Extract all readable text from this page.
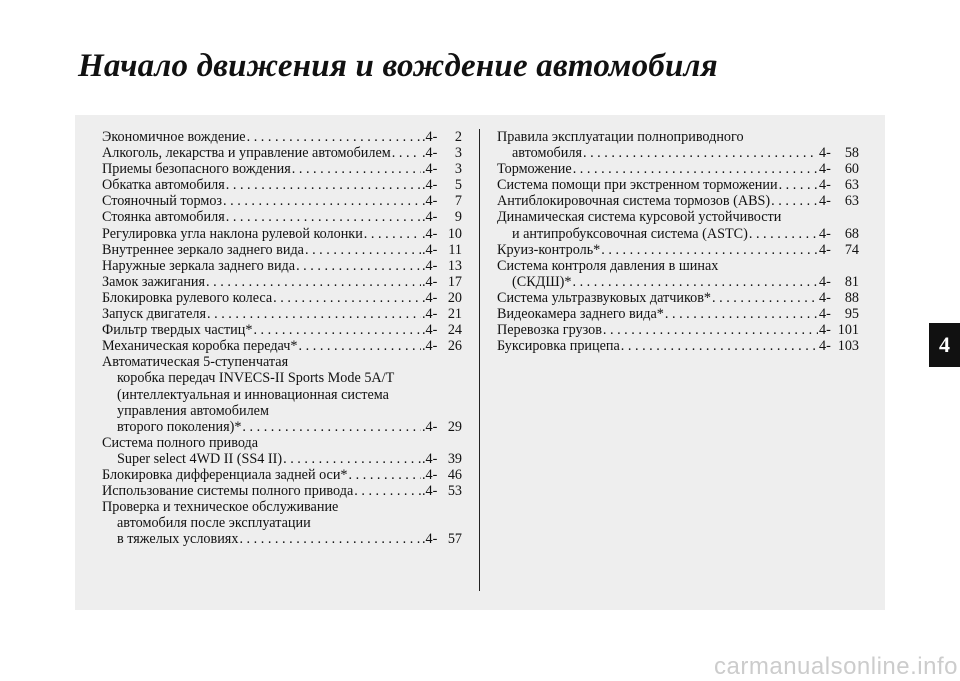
Начало движения и вождение автомобиля
Экономичное вождение . . .	.4-	2
Алкоголь, лекарства и управление автомобилем . . . .4-	3
Приемы безопасного вождения . . .	.4-	3
Обкатка автомобиля . . .	.4-	5
Стояночный тормоз . . .	.4-	7
Стоянка автомобиля . . .	.4-	9
Регулировка угла наклона рулевой колонки . . .	.4- 10
Внутреннее зеркало заднего вида . . .	.4- 11
Наружные зеркала заднего вида . . .	.4- 13
Замок зажигания . . .	.4- 17
Блокировка рулевого колеса . . .	.4- 20
Запуск двигателя . . .	.4- 21
Фильтр твердых частиц* . . .	.4- 24
Механическая коробка передач* . . .	.4- 26
Автоматическая 5-ступенчатая
коробка передач INVECS-II Sports Mode 5A/T
(интеллектуальная и инновационная система
управления автомобилем
второго поколения)* . . .	.4- 29
Система полного привода
Super select 4WD II (SS4 II) . . .	.4- 39
Блокировка дифференциала задней оси* . . .	.4- 46
Использование системы полного привода . . .	.4- 53
Проверка и техническое обслуживание
автомобиля после эксплуатации
в тяжелых условиях . . .	.4- 57
Правила эксплуатации полноприводного
автомобиля . . .	4- 58
Торможение . . .	4- 60
Система помощи при экстренном торможении . . .	4- 63
Антиблокировочная система тормозов (ABS) . . .	4- 63
Динамическая система курсовой устойчивости
и антипробуксовочная система (ASTC) . . .	4- 68
Круиз-контроль* . . .	4- 74
Система контроля давления в шинах
(СКДШ)* . . .	4- 81
Система ультразвуковых датчиков* . . .	4- 88
Видеокамера заднего вида* . . .	4- 95
Перевозка грузов . . .	4- 101
Буксировка прицепа . . .	4- 103	4
carmanualsonline.info
